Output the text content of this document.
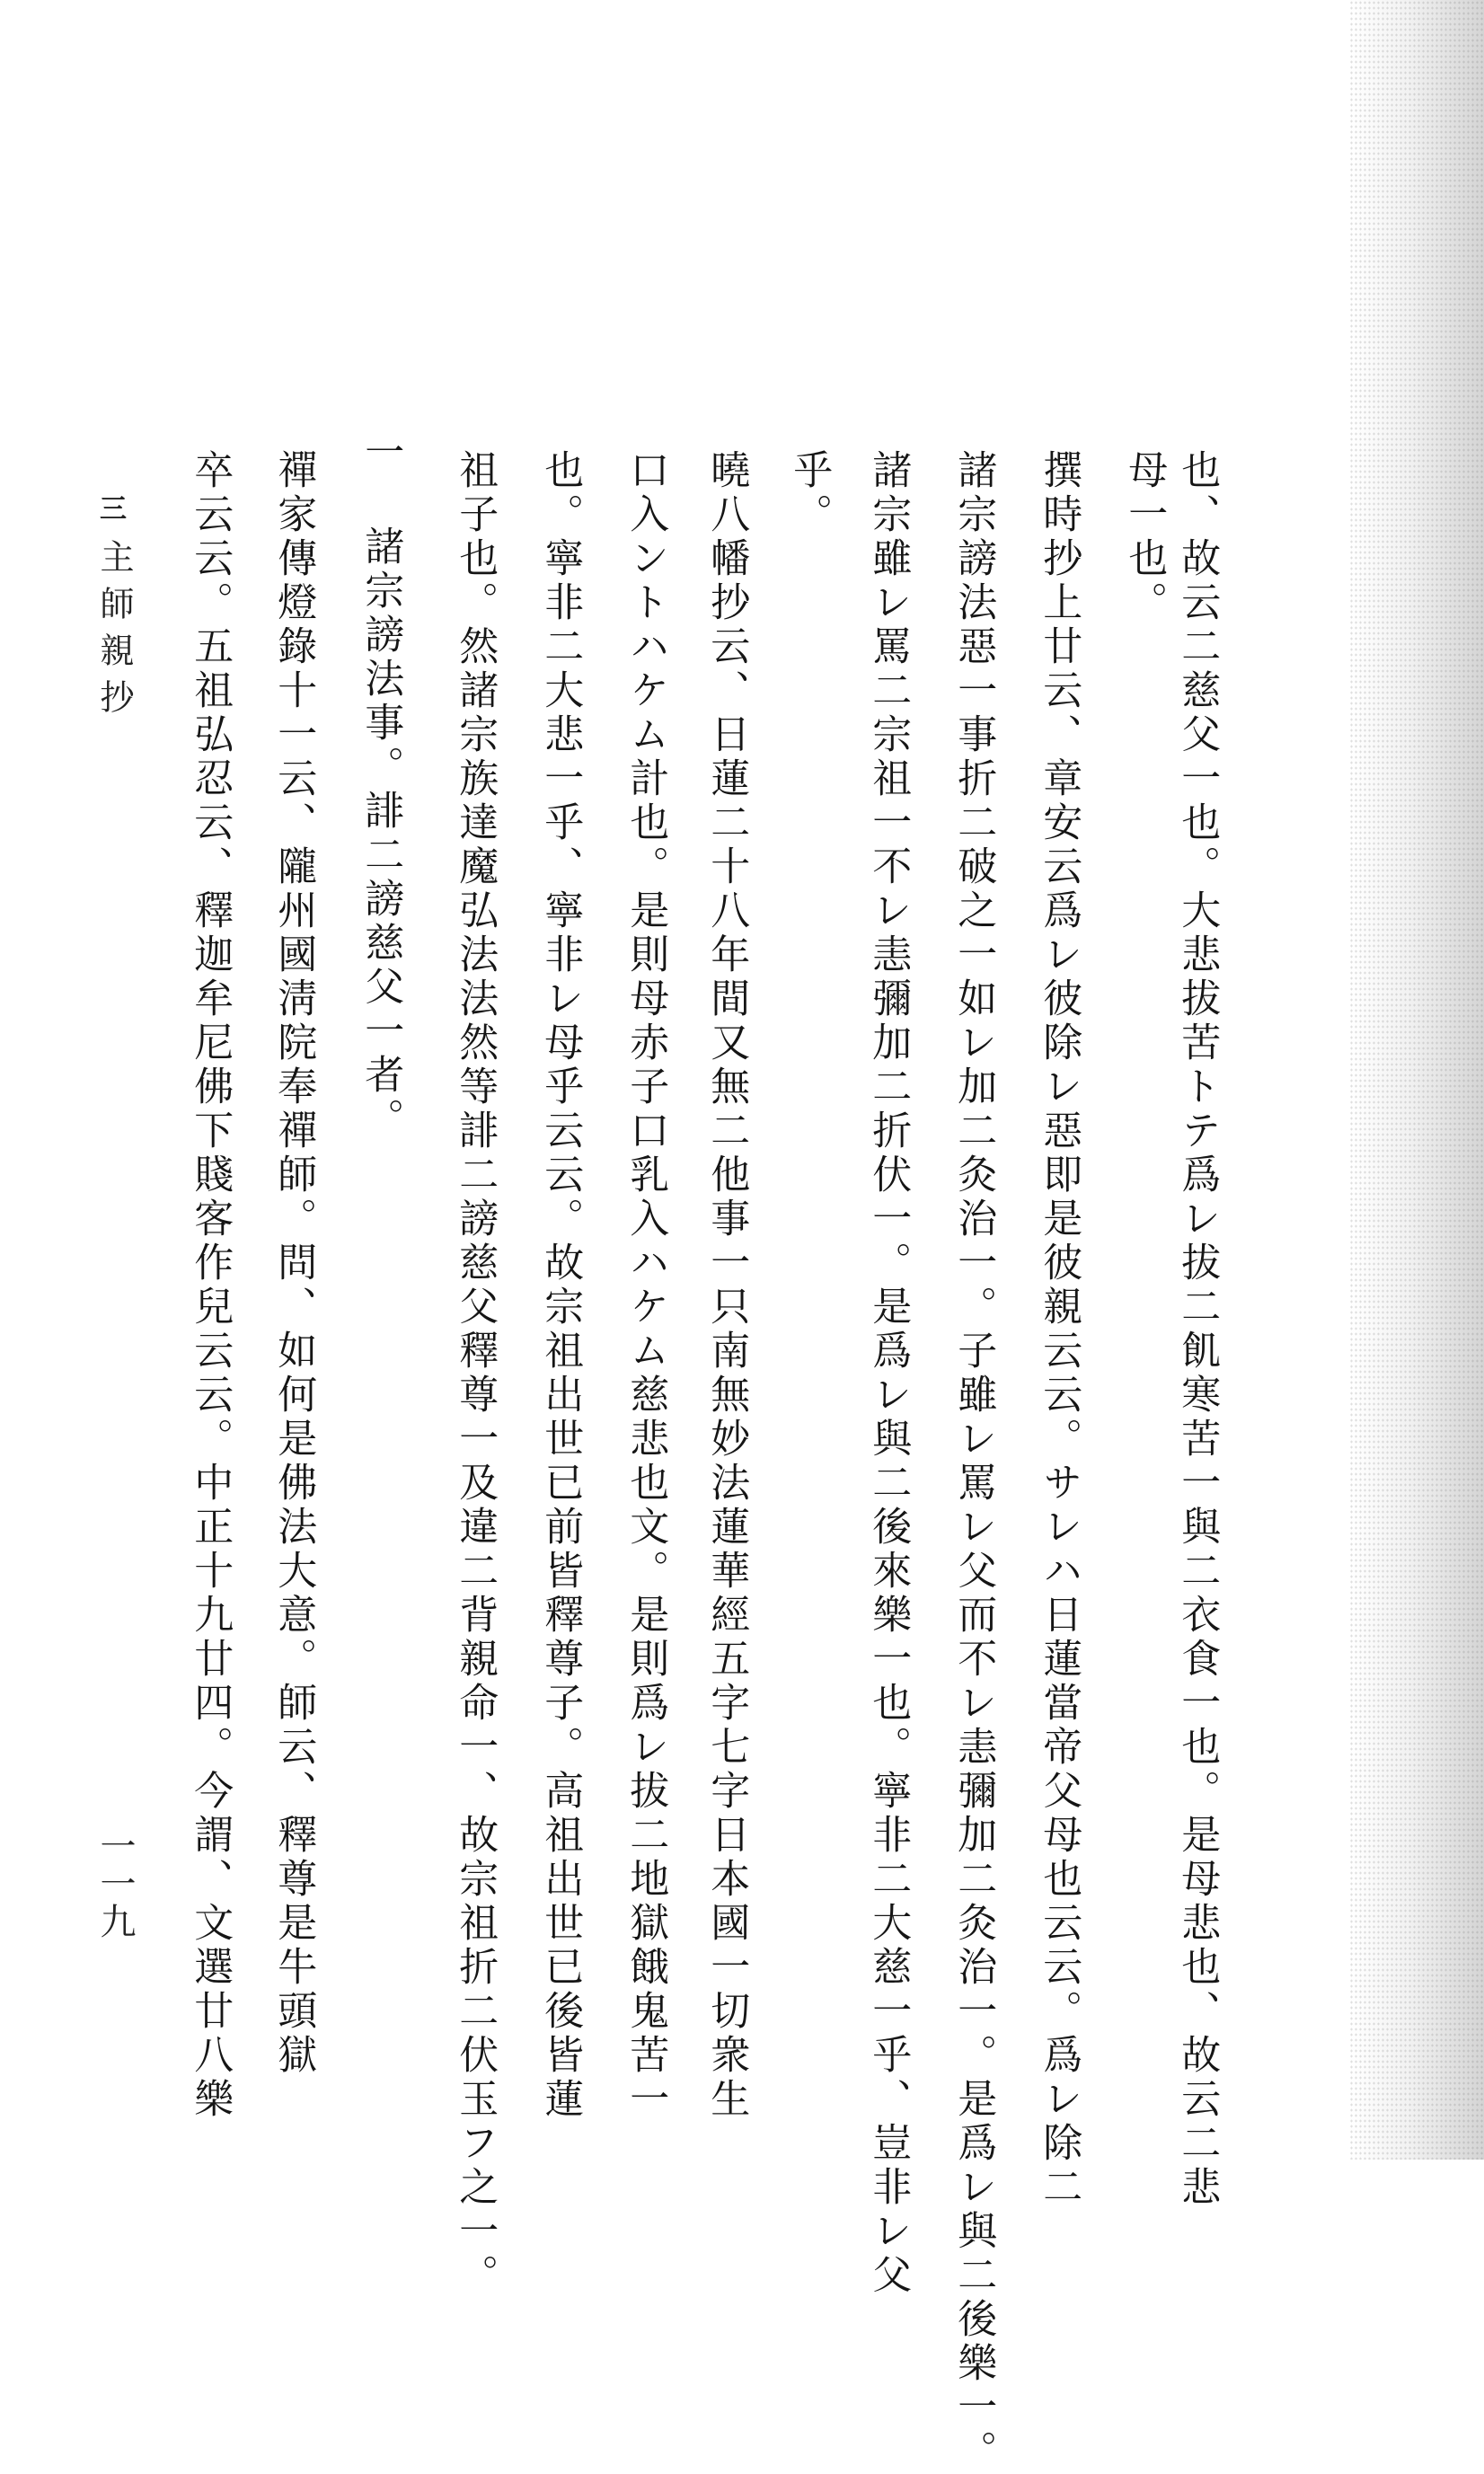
也、故云二慈父一也。大悲拔苦トテ爲レ拔二飢寒苦一與二衣食一也。是母悲也、故云二悲
母一也。
撰時抄上廿云、章安云爲レ彼除レ惡即是彼親云云。サレハ日蓮當帝父母也云云。爲レ除二
諸宗謗法惡一事折二破之一如レ加二灸治一。子雖レ罵レ父而不レ恚彌加二灸治一。是爲レ與二後樂一。
諸宗雖レ罵二宗祖一不レ恚彌加二折伏一。是爲レ與二後來樂一也。寧非二大慈一乎、豈非レ父
乎。
曉八幡抄云、日蓮二十八年間又無二他事一只南無妙法蓮華經五字七字日本國一切衆生
口入ントハケム計也。是則母赤子口乳入ハケム慈悲也文。是則爲レ拔二地獄餓鬼苦一
也。寧非二大悲一乎、寧非レ母乎云云。故宗祖出世已前皆釋尊子。高祖出世已後皆蓮
祖子也。然諸宗族達魔弘法法然等誹二謗慈父釋尊一及違二背親命一、故宗祖折二伏玉フ之一。
一 諸宗謗法事。誹二謗慈父一者。
禪家傳燈錄十一云、隴州國淸院奉禪師。問、如何是佛法大意。師云、釋尊是牛頭獄
卒云云。五祖弘忍云、釋迦牟尼佛下賤客作兒云云。中正十九廿四。今謂、文選廿八樂
三
主師親抄
一一九
